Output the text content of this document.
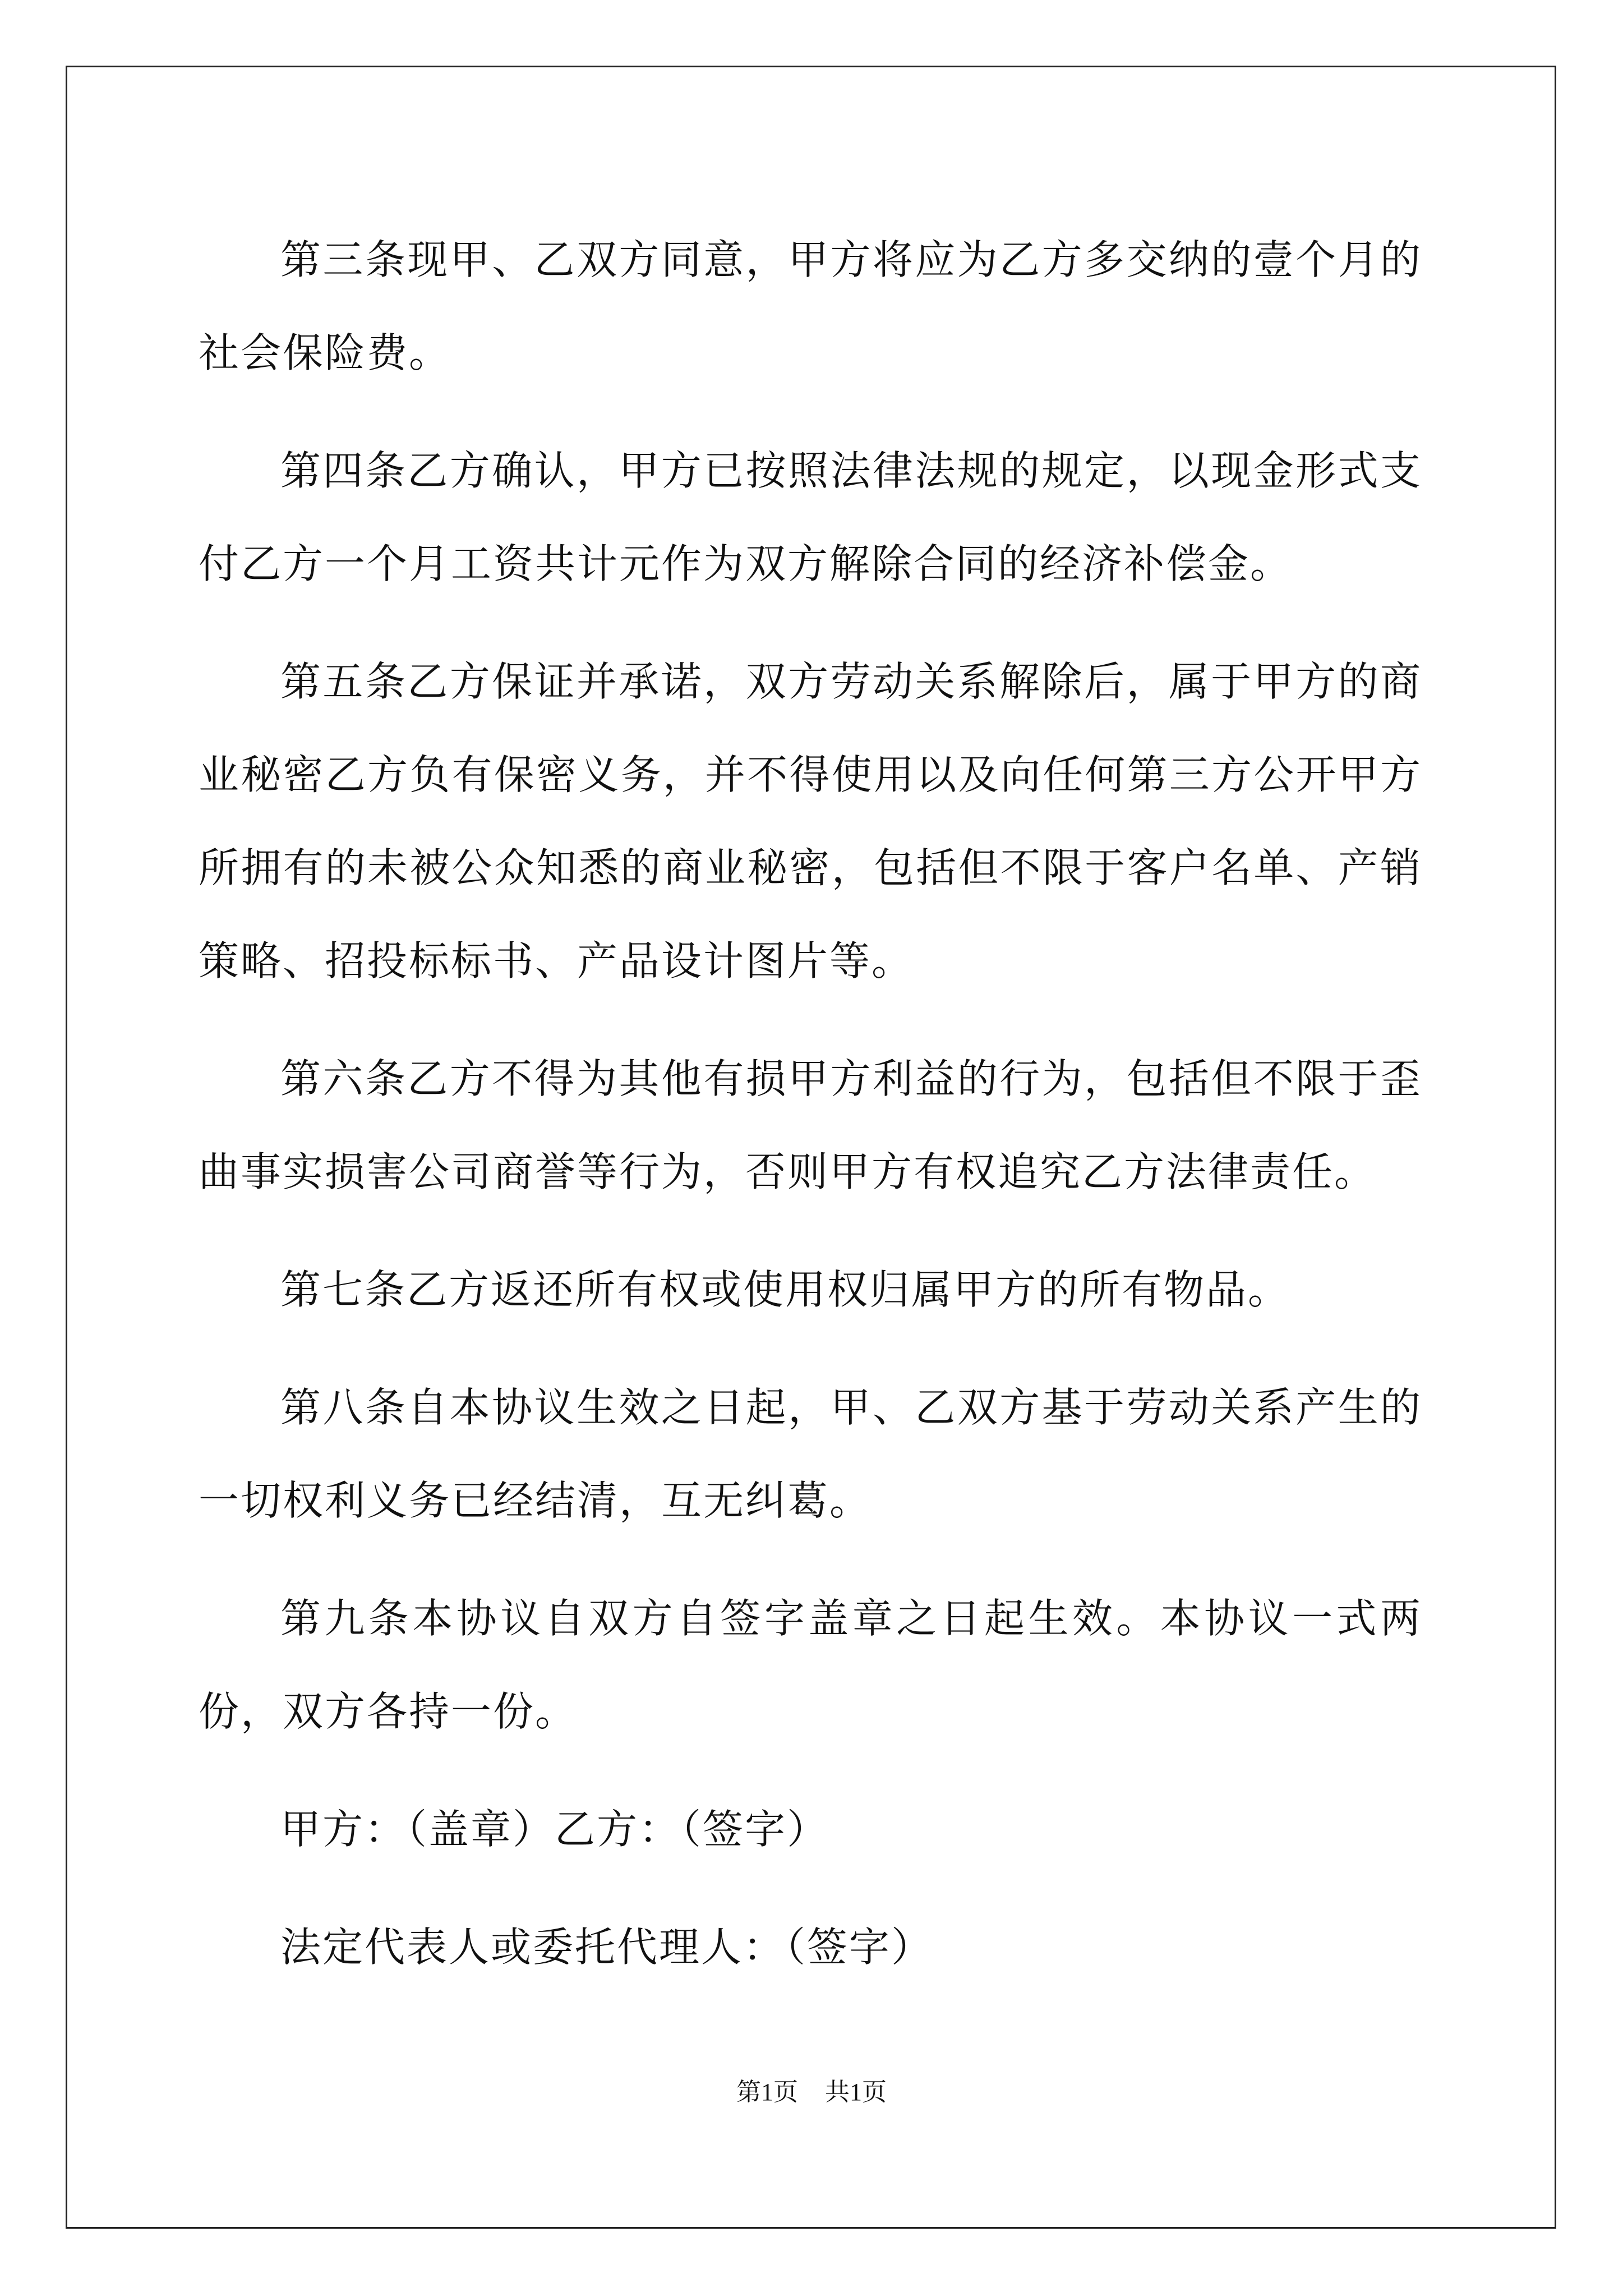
第三条现甲、乙双方同意，甲方将应为乙方多交纳的壹个月的社会保险费。

第四条乙方确认，甲方已按照法律法规的规定，以现金形式支付乙方一个月工资共计元作为双方解除合同的经济补偿金。

第五条乙方保证并承诺，双方劳动关系解除后，属于甲方的商业秘密乙方负有保密义务，并不得使用以及向任何第三方公开甲方所拥有的未被公众知悉的商业秘密，包括但不限于客户名单、产销策略、招投标标书、产品设计图片等。

第六条乙方不得为其他有损甲方利益的行为，包括但不限于歪曲事实损害公司商誉等行为，否则甲方有权追究乙方法律责任。

第七条乙方返还所有权或使用权归属甲方的所有物品。

第八条自本协议生效之日起，甲、乙双方基于劳动关系产生的一切权利义务已经结清，互无纠葛。

第九条本协议自双方自签字盖章之日起生效。本协议一式两份，双方各持一份。

甲方：（盖章）乙方：（签字）

法定代表人或委托代理人：（签字）

第1页 共1页
